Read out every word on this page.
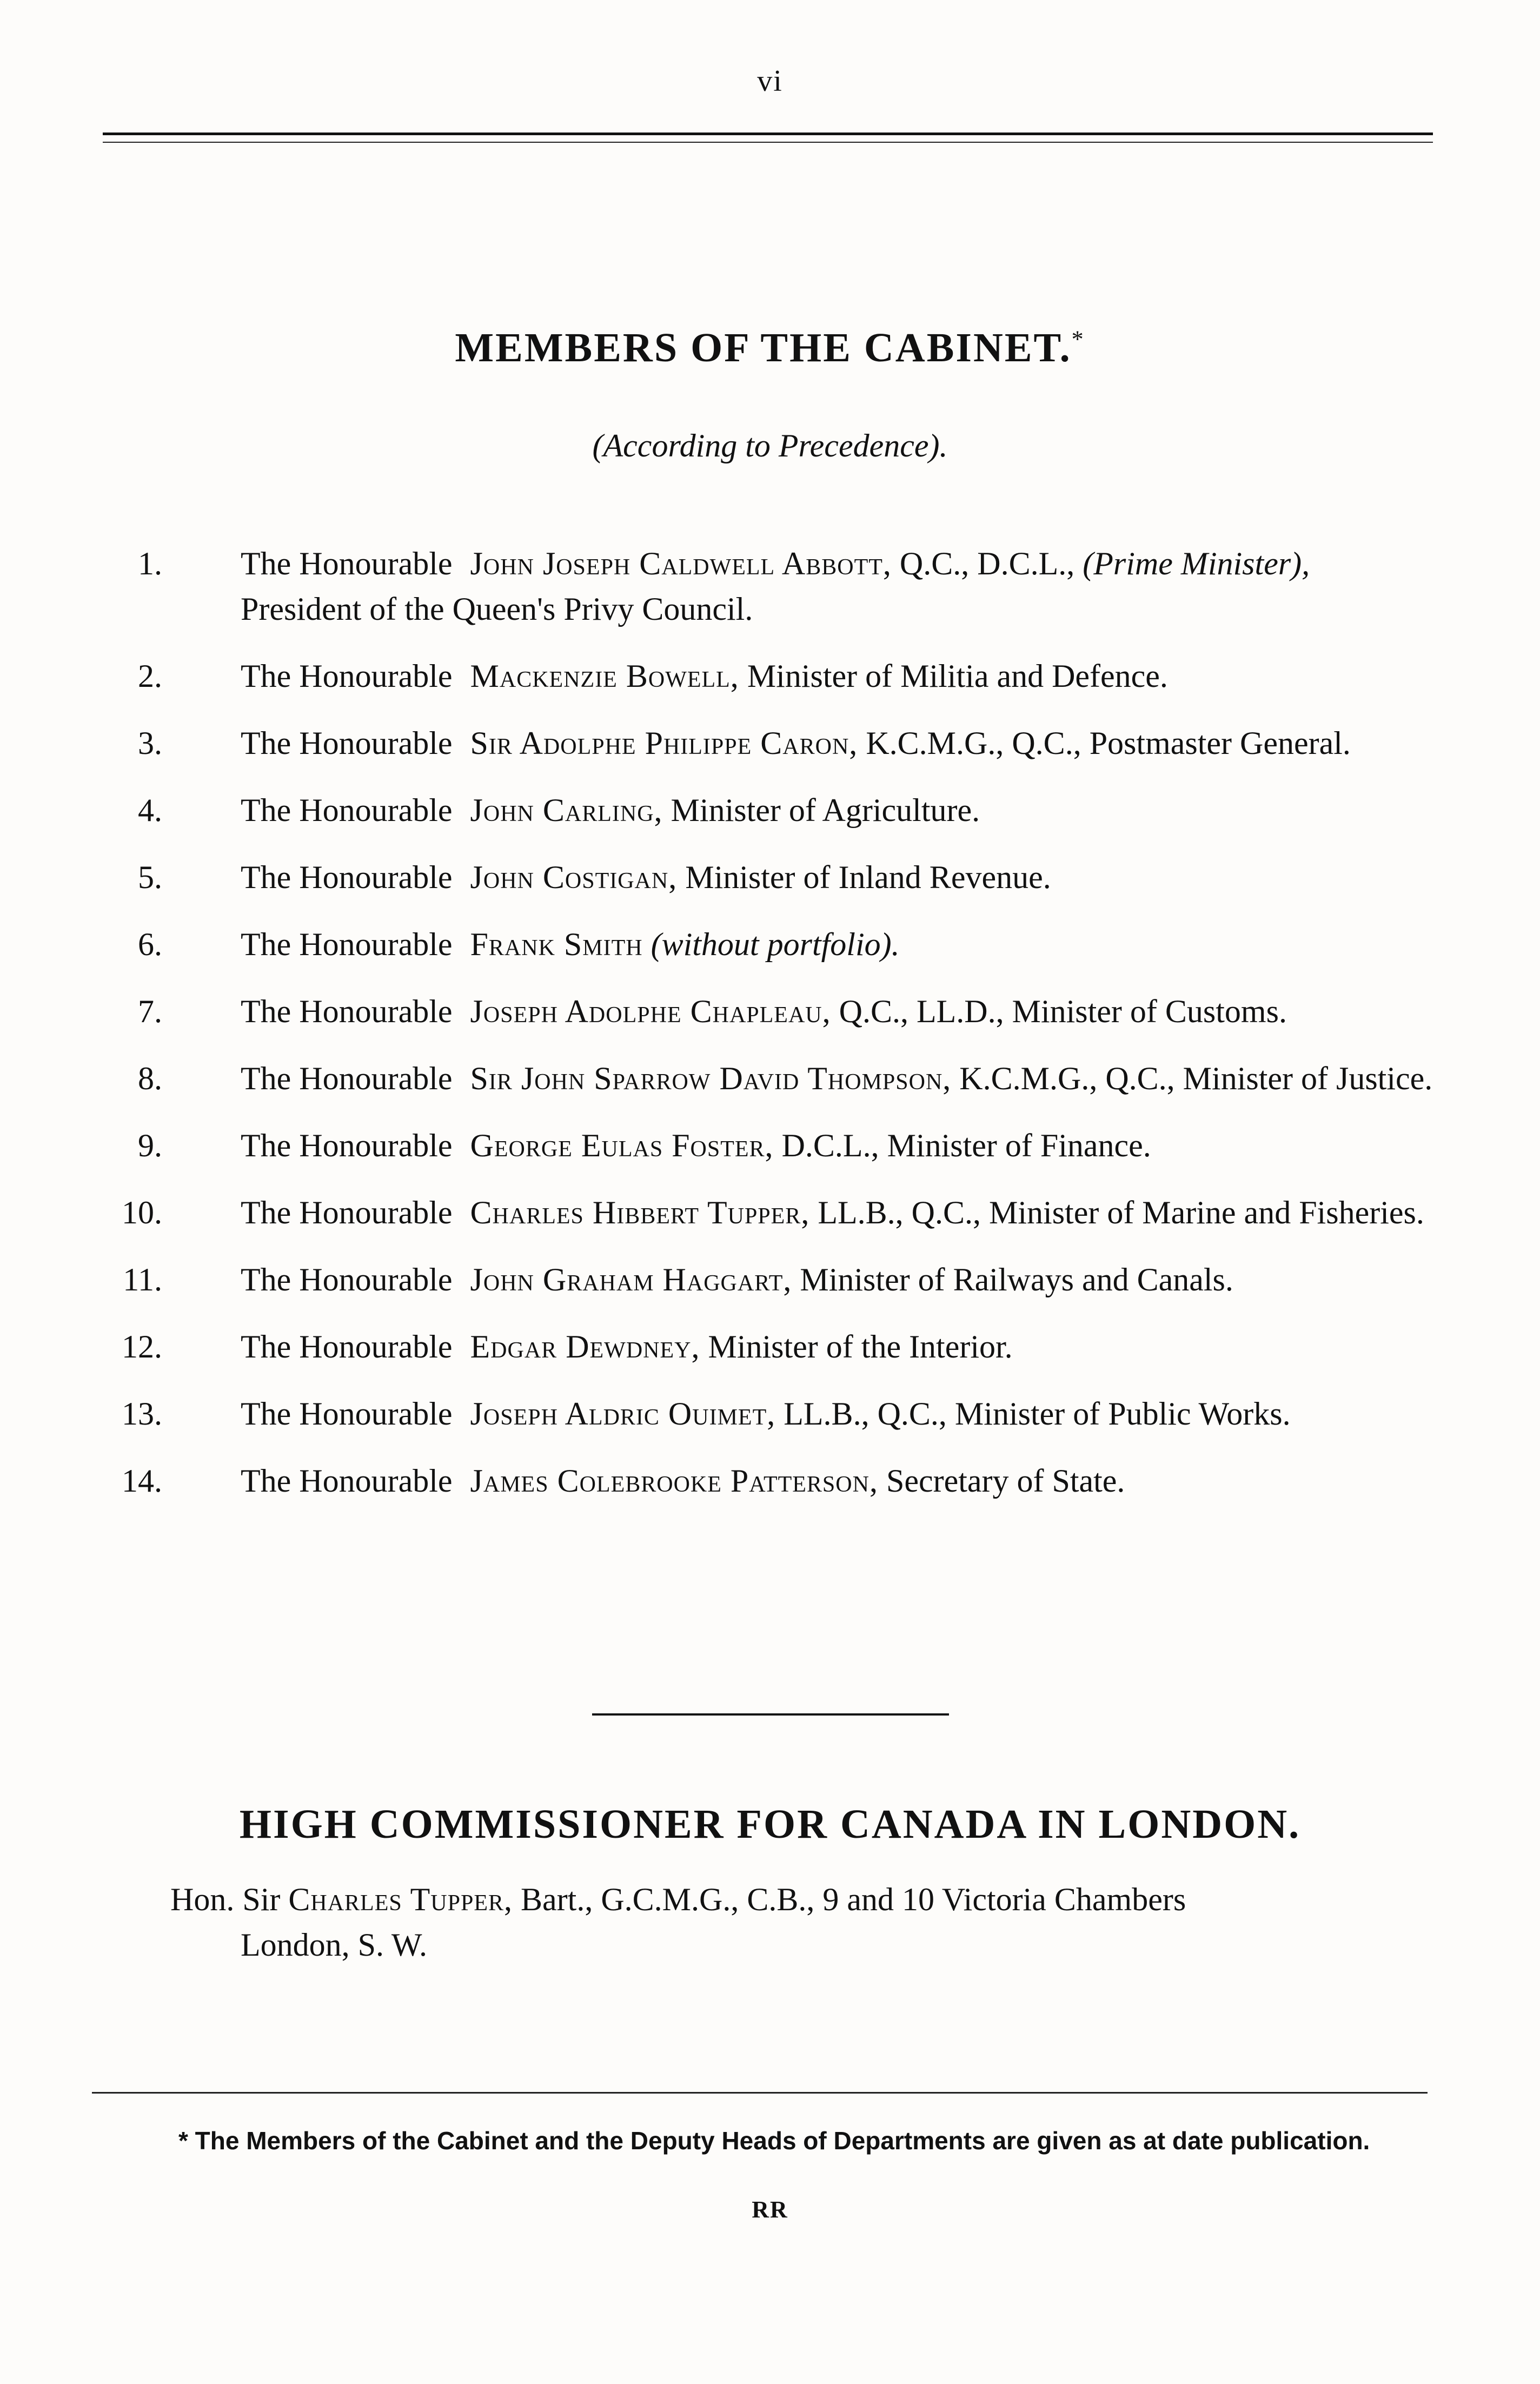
vi
MEMBERS OF THE CABINET.*
(According to Precedence).
1. The Honourable John Joseph Caldwell Abbott, Q.C., D.C.L., (Prime Minister), President of the Queen's Privy Council.
2. The Honourable Mackenzie Bowell, Minister of Militia and Defence.
3. The Honourable Sir Adolphe Philippe Caron, K.C.M.G., Q.C., Postmaster General.
4. The Honourable John Carling, Minister of Agriculture.
5. The Honourable John Costigan, Minister of Inland Revenue.
6. The Honourable Frank Smith (without portfolio).
7. The Honourable Joseph Adolphe Chapleau, Q.C., LL.D., Minister of Customs.
8. The Honourable Sir John Sparrow David Thompson, K.C.M.G., Q.C., Minister of Justice.
9. The Honourable George Eulas Foster, D.C.L., Minister of Finance.
10. The Honourable Charles Hibbert Tupper, LL.B., Q.C., Minister of Marine and Fisheries.
11. The Honourable John Graham Haggart, Minister of Railways and Canals.
12. The Honourable Edgar Dewdney, Minister of the Interior.
13. The Honourable Joseph Aldric Ouimet, LL.B., Q.C., Minister of Public Works.
14. The Honourable James Colebrooke Patterson, Secretary of State.
HIGH COMMISSIONER FOR CANADA IN LONDON.
Hon. Sir Charles Tupper, Bart., G.C.M.G., C.B., 9 and 10 Victoria Chambers
London, S. W.
* The Members of the Cabinet and the Deputy Heads of Departments are given as at date publication.
RR
